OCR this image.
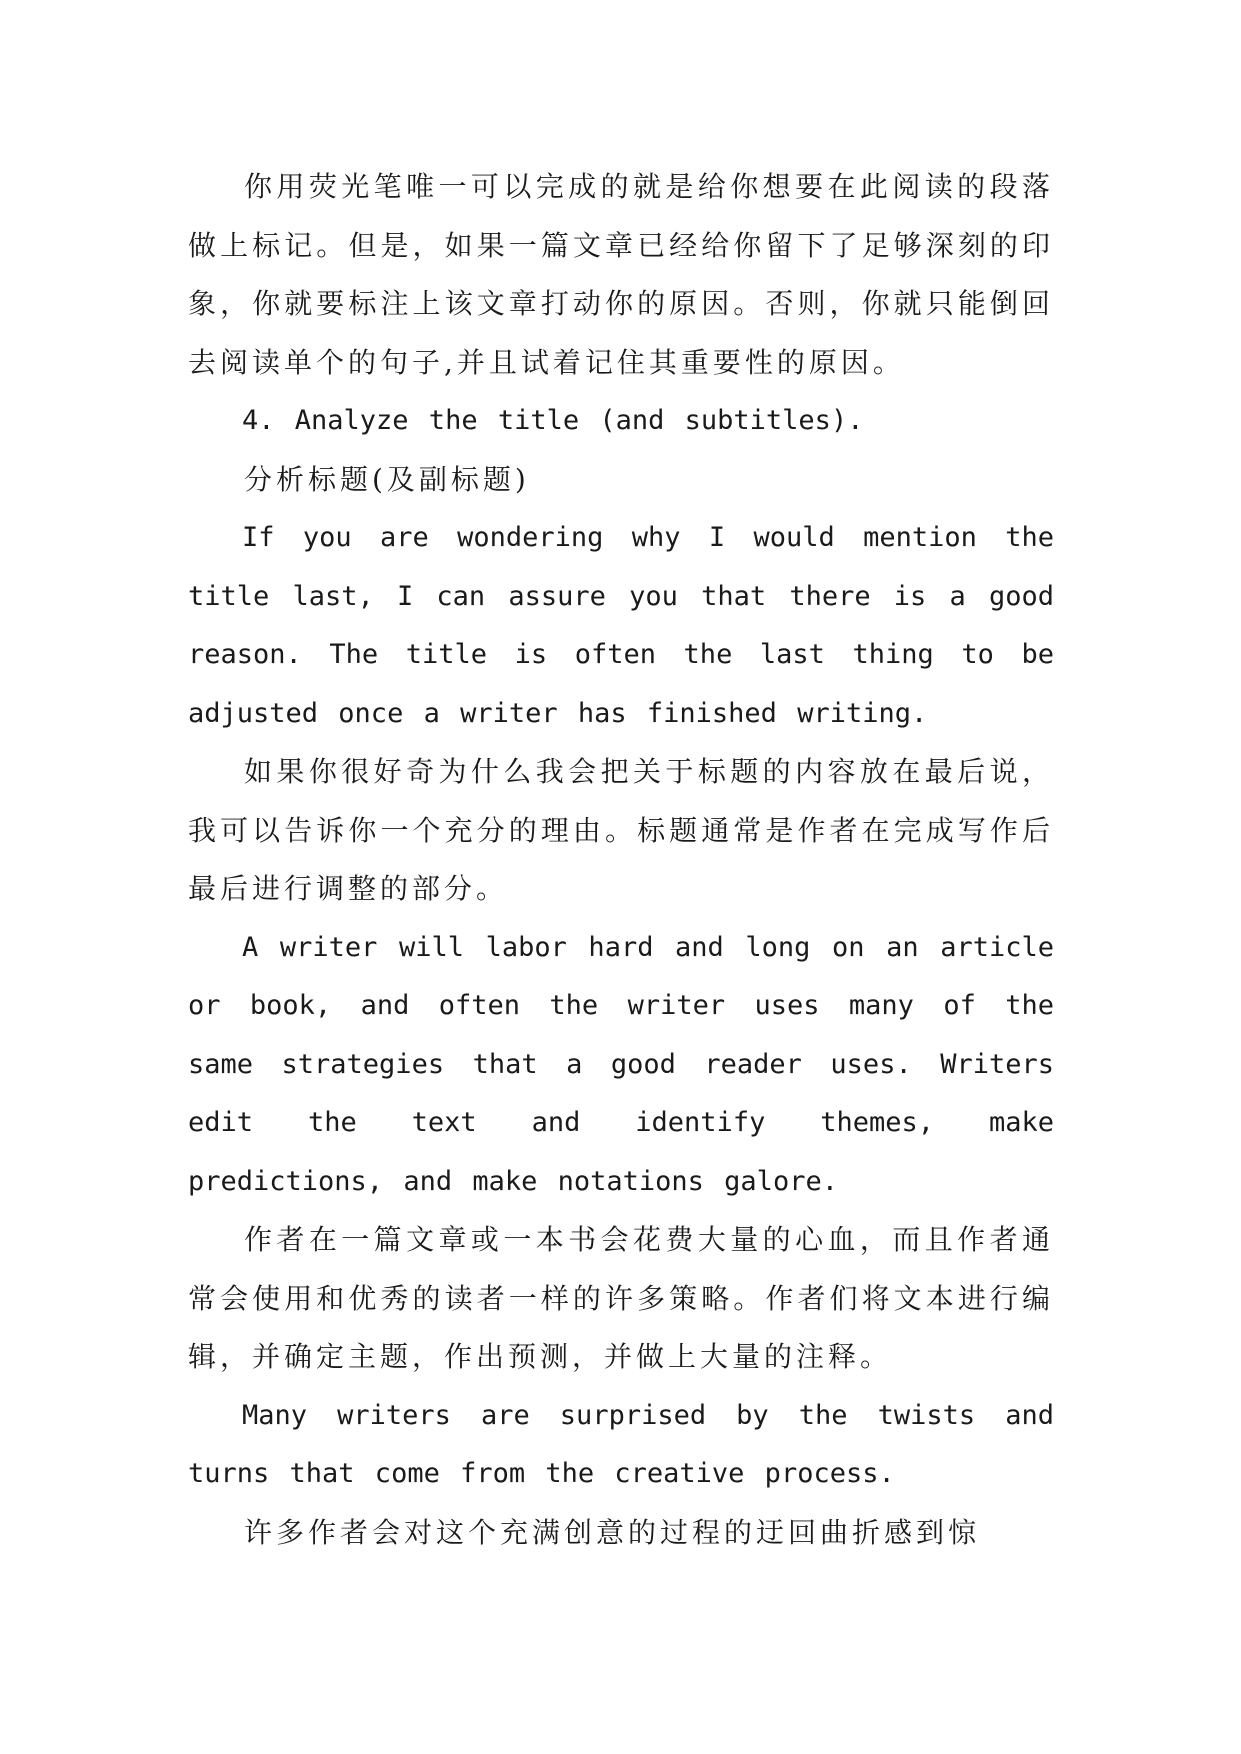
你用荧光笔唯一可以完成的就是给你想要在此阅读的段落做上标记。但是，如果一篇文章已经给你留下了足够深刻的印象，你就要标注上该文章打动你的原因。否则，你就只能倒回去阅读单个的句子,并且试着记住其重要性的原因。

4. Analyze the title (and subtitles).

分析标题(及副标题)

If you are wondering why I would mention the title last, I can assure you that there is a good reason. The title is often the last thing to be adjusted once a writer has finished writing.

如果你很好奇为什么我会把关于标题的内容放在最后说，我可以告诉你一个充分的理由。标题通常是作者在完成写作后最后进行调整的部分。

A writer will labor hard and long on an article or book, and often the writer uses many of the same strategies that a good reader uses. Writers edit the text and identify themes, make predictions, and make notations galore.

作者在一篇文章或一本书会花费大量的心血，而且作者通常会使用和优秀的读者一样的许多策略。作者们将文本进行编辑，并确定主题，作出预测，并做上大量的注释。

Many writers are surprised by the twists and turns that come from the creative process.

许多作者会对这个充满创意的过程的迂回曲折感到惊
